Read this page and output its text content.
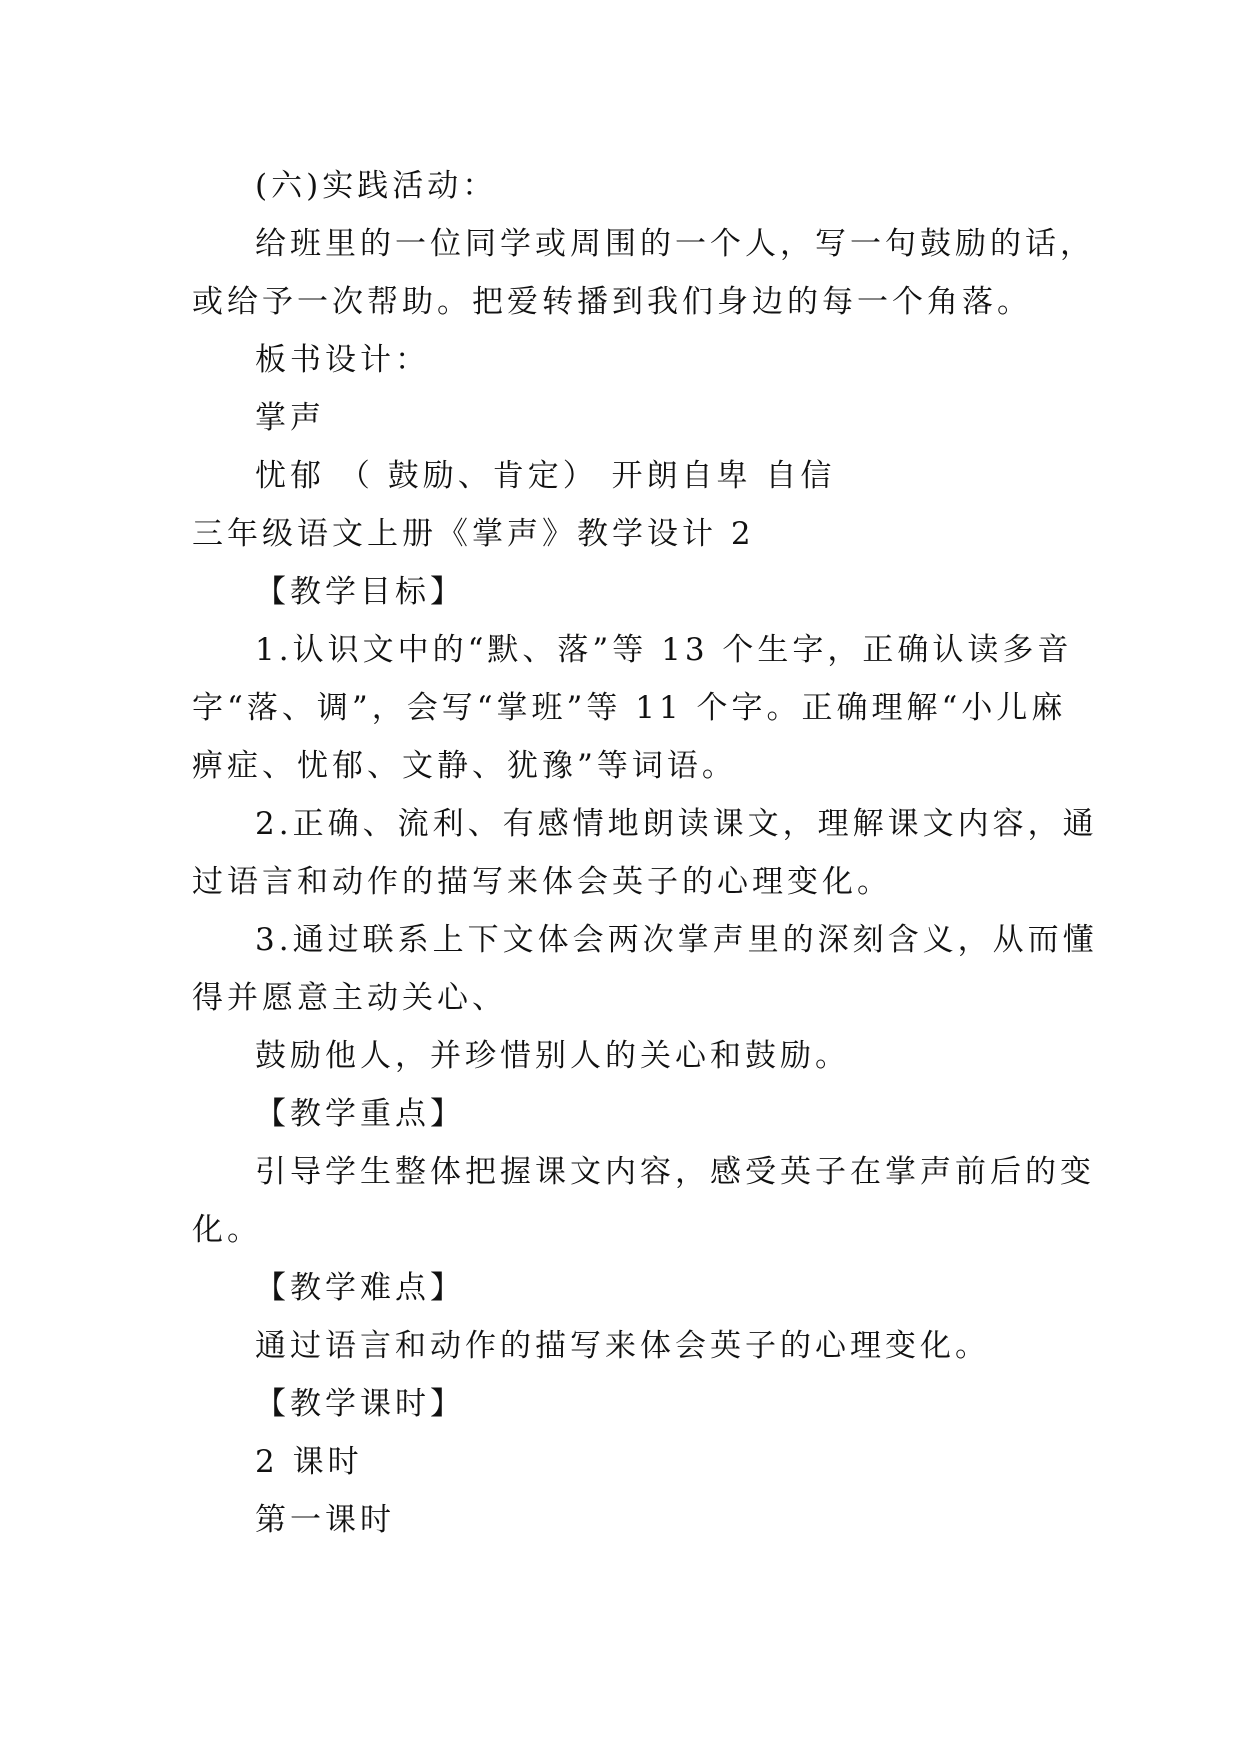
(六)实践活动：
给班里的一位同学或周围的一个人，写一句鼓励的话，
或给予一次帮助。把爱转播到我们身边的每一个角落。
板书设计：
掌声
忧郁 （ 鼓励、肯定） 开朗自卑 自信
三年级语文上册《掌声》教学设计 2
【教学目标】
1.认识文中的“默、落”等 13 个生字，正确认读多音
字“落、调”，会写“掌班”等 11 个字。正确理解“小儿麻
痹症、忧郁、文静、犹豫”等词语。
2.正确、流利、有感情地朗读课文，理解课文内容，通
过语言和动作的描写来体会英子的心理变化。
3.通过联系上下文体会两次掌声里的深刻含义，从而懂
得并愿意主动关心、
鼓励他人，并珍惜别人的关心和鼓励。
【教学重点】
引导学生整体把握课文内容，感受英子在掌声前后的变
化。
【教学难点】
通过语言和动作的描写来体会英子的心理变化。
【教学课时】
2 课时
第一课时
